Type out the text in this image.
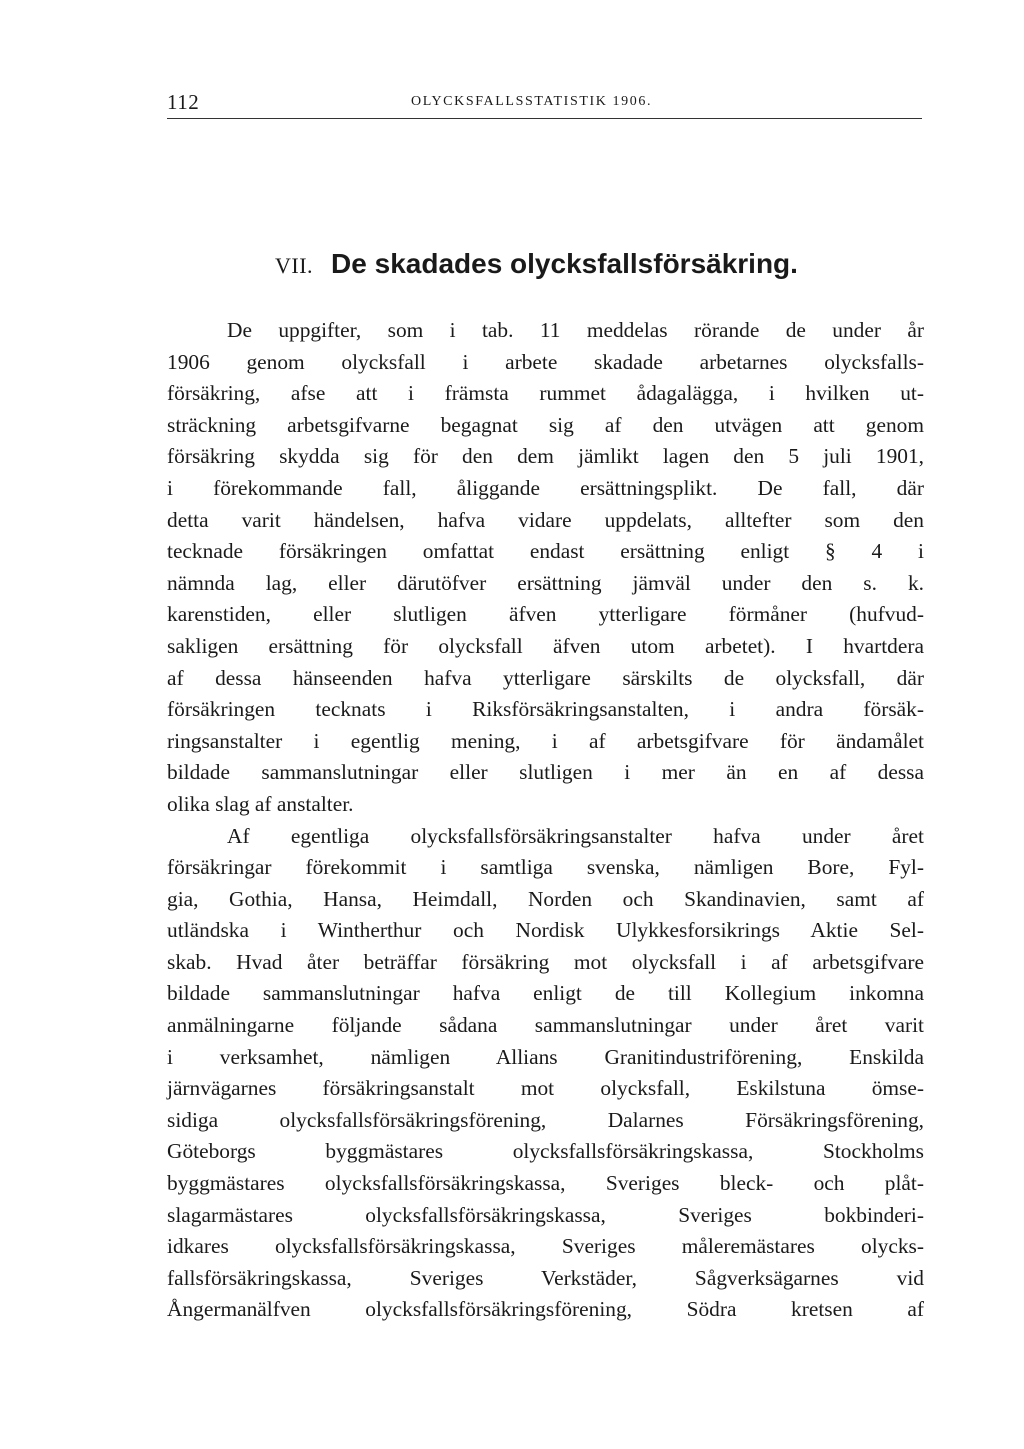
112	OLYCKSFALLSSTATISTIK 1906.
VII. De skadades olycksfallsförsäkring.
De uppgifter, som i tab. 11 meddelas rörande de under år
1906 genom olycksfall i arbete skadade arbetarnes olycksfalls-
försäkring, afse att i främsta rummet ådagalägga, i hvilken ut-
sträckning arbetsgifvarne begagnat sig af den utvägen att genom
försäkring skydda sig för den dem jämlikt lagen den 5 juli 1901,
i förekommande fall, åliggande ersättningsplikt. De fall, där
detta varit händelsen, hafva vidare uppdelats, alltefter som den
tecknade försäkringen omfattat endast ersättning enligt § 4 i
nämnda lag, eller därutöfver ersättning jämväl under den s. k.
karenstiden, eller slutligen äfven ytterligare förmåner (hufvud-
sakligen ersättning för olycksfall äfven utom arbetet). I hvartdera
af dessa hänseenden hafva ytterligare särskilts de olycksfall, där
försäkringen tecknats i Riksförsäkringsanstalten, i andra försäk-
ringsanstalter i egentlig mening, i af arbetsgifvare för ändamålet
bildade sammanslutningar eller slutligen i mer än en af dessa
olika slag af anstalter.
Af egentliga olycksfallsförsäkringsanstalter hafva under året
försäkringar förekommit i samtliga svenska, nämligen Bore, Fyl-
gia, Gothia, Hansa, Heimdall, Norden och Skandinavien, samt af
utländska i Wintherthur och Nordisk Ulykkesforsikrings Aktie Sel-
skab. Hvad åter beträffar försäkring mot olycksfall i af arbetsgifvare
bildade sammanslutningar hafva enligt de till Kollegium inkomna
anmälningarne följande sådana sammanslutningar under året varit
i verksamhet, nämligen Allians Granitindustriförening, Enskilda
järnvägarnes försäkringsanstalt mot olycksfall, Eskilstuna ömse-
sidiga olycksfallsförsäkringsförening, Dalarnes Försäkringsförening,
Göteborgs byggmästares olycksfallsförsäkringskassa, Stockholms
byggmästares olycksfallsförsäkringskassa, Sveriges bleck- och plåt-
slagarmästares olycksfallsförsäkringskassa, Sveriges bokbinderi-
idkares olycksfallsförsäkringskassa, Sveriges måleremästares olycks-
fallsförsäkringskassa, Sveriges Verkstäder, Sågverksägarnes vid
Ångermanälfven olycksfallsförsäkringsförening, Södra kretsen af
